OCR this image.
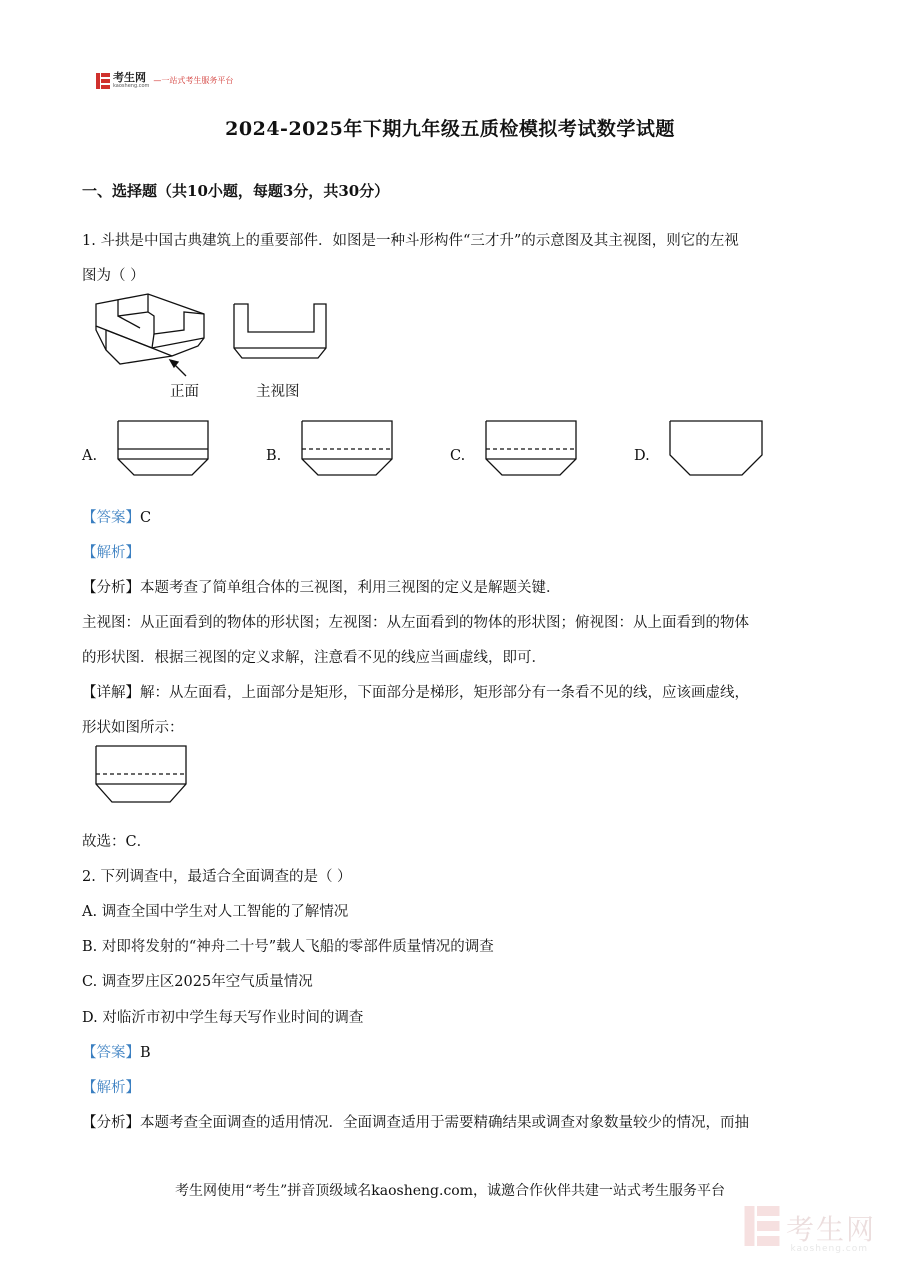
考生网
kaosheng.com
—一站式考生服务平台
2024-2025年下期九年级五质检模拟考试数学试题
一、选择题（共10小题，每题3分，共30分）
1. 斗拱是中国古典建筑上的重要部件．如图是一种斗形构件“三才升”的示意图及其主视图，则它的左视
图为（ ）
正面	主视图
A.	B.	C.	D.
【答案】C
【解析】
【分析】本题考查了简单组合体的三视图，利用三视图的定义是解题关键．
主视图：从正面看到的物体的形状图；左视图：从左面看到的物体的形状图；俯视图：从上面看到的物体
的形状图．根据三视图的定义求解，注意看不见的线应当画虚线，即可．
【详解】解：从左面看，上面部分是矩形，下面部分是梯形，矩形部分有一条看不见的线，应该画虚线，
形状如图所示：
故选：C．
2. 下列调查中，最适合全面调查的是（ ）
A. 调查全国中学生对人工智能的了解情况
B. 对即将发射的“神舟二十号”载人飞船的零部件质量情况的调查
C. 调查罗庄区2025年空气质量情况
D. 对临沂市初中学生每天写作业时间的调查
【答案】B
【解析】
【分析】本题考查全面调查的适用情况．全面调查适用于需要精确结果或调查对象数量较少的情况，而抽
考生网使用“考生”拼音顶级域名kaosheng.com，诚邀合作伙伴共建一站式考生服务平台
考生网
kaosheng.com
